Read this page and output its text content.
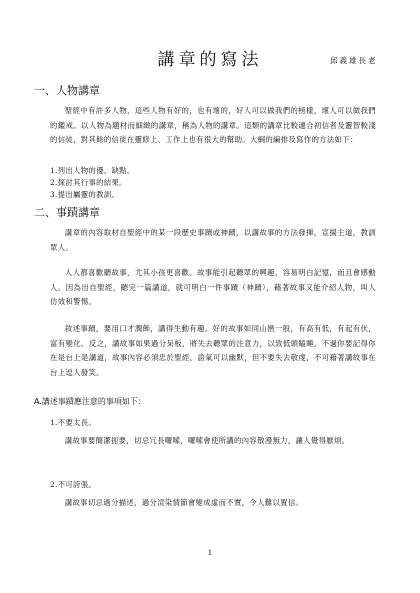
講章的寫法	邱義雄長老
一、人物講章
聖經中有許多人物，這些人物有好的，也有壞的，好人可以做我們的榜樣，壞人可以做我們的鑑戒。以人物為題材而細緻的講章，稱為人物的講章。這類的講章比較適合初信者及靈智較淺的信徒，對其餘的信徒在靈修上、工作上也有很大的幫助。大綱的編排及寫作的方法如下：
1.列出人物的優、缺點。
2.探討其行事的結果。
3.提出屬靈的教訓。
二、事蹟講章
講章的內容取材自聖經中的某一段歷史事蹟或神蹟，以講故事的方法發揮，宣揚主道，教訓眾人。
人人都喜歡聽故事，尤其小孩更喜歡。故事能引起聽眾的興趣，容易明白記憶，而且會感動人。因為出自聖經，聽完一篇講道，就可明白一件事蹟（神蹟），藉著故事又能介紹人物，叫人仿效和警惕。
敘述事蹟，要用口才潤飾，講得生動有趣。好的故事如同山巒一般，有高有低，有起有伏，富有變化。反之，講故事如果過分呆板，將失去聽眾的注意力，以致低頭瞌睡。不過你要記得你在是台上是講道，故事內容必須忠於聖經，語氣可以幽默，但不要失去敬虔，不可藉著講故事在台上逗人發笑。
A.講述事蹟應注意的事項如下：
1.不要太長。
講故事要簡潔扼要，切忌冗長囉嗦，囉嗦會使所講的內容散漫無力，讓人覺得厭煩。
2.不可誇張。
講故事切忌過分描述，過分渲染情節會變成虛而不實，令人難以置信。
1
